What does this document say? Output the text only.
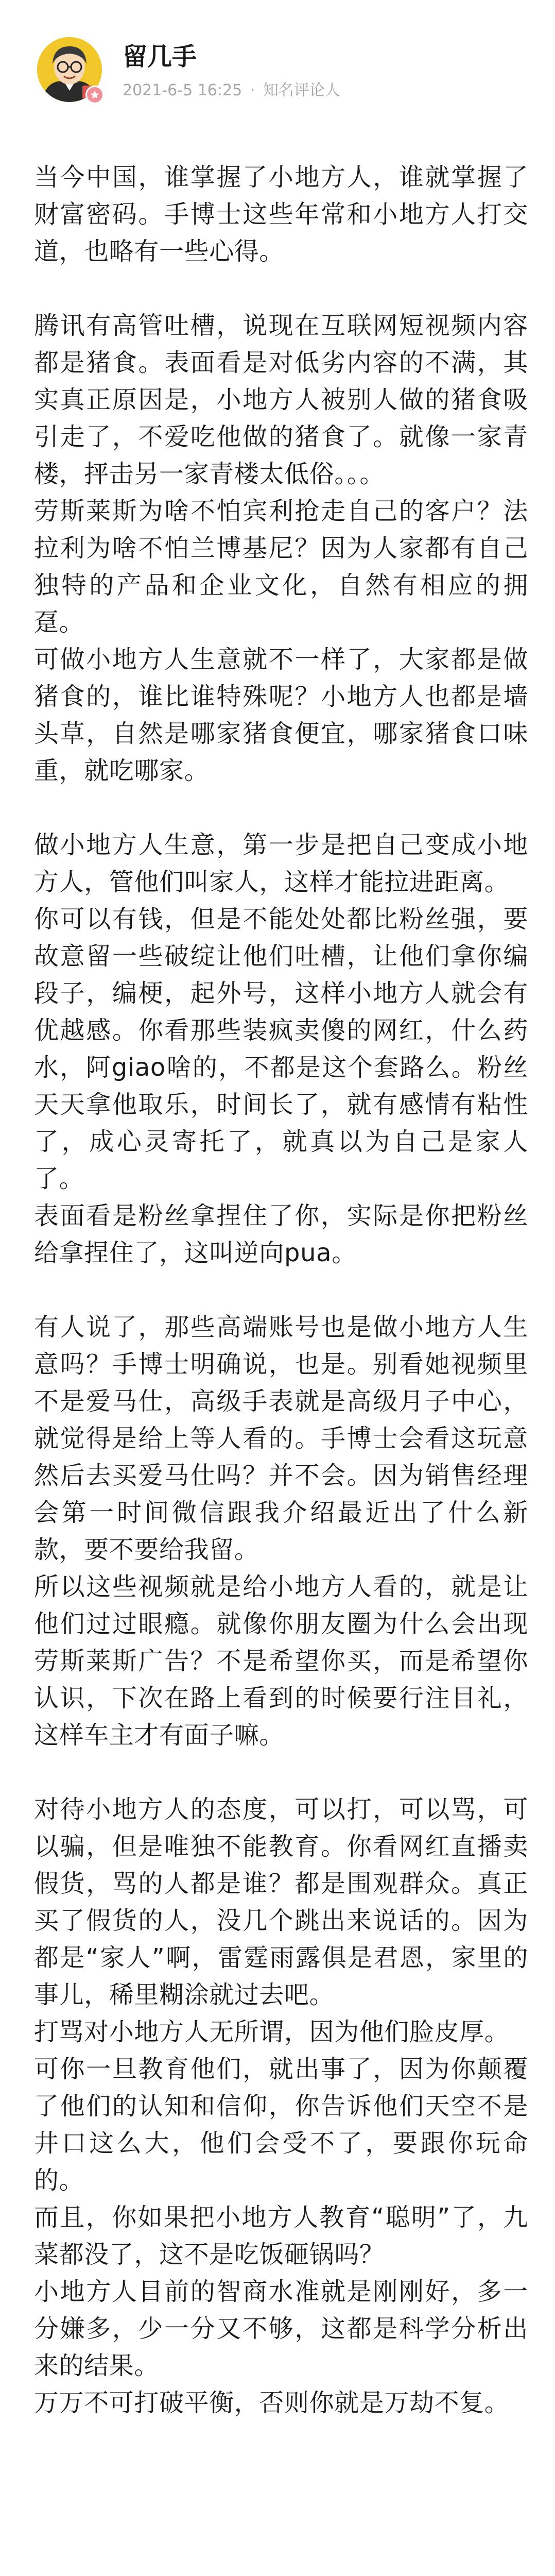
留几手
2021-6-5 16:25 · 知名评论人

当今中国，谁掌握了小地方人，谁就掌握了财富密码。手博士这些年常和小地方人打交道，也略有一些心得。

腾讯有高管吐槽，说现在互联网短视频内容都是猪食。表面看是对低劣内容的不满，其实真正原因是，小地方人被别人做的猪食吸引走了，不爱吃他做的猪食了。就像一家青楼，抨击另一家青楼太低俗。。。

劳斯莱斯为啥不怕宾利抢走自己的客户？法拉利为啥不怕兰博基尼？因为人家都有自己独特的产品和企业文化，自然有相应的拥趸。

可做小地方人生意就不一样了，大家都是做猪食的，谁比谁特殊呢？小地方人也都是墙头草，自然是哪家猪食便宜，哪家猪食口味重，就吃哪家。

做小地方人生意，第一步是把自己变成小地方人，管他们叫家人，这样才能拉进距离。

你可以有钱，但是不能处处都比粉丝强，要故意留一些破绽让他们吐槽，让他们拿你编段子，编梗，起外号，这样小地方人就会有优越感。你看那些装疯卖傻的网红，什么药水，阿giao啥的，不都是这个套路么。粉丝天天拿他取乐，时间长了，就有感情有粘性了，成心灵寄托了，就真以为自己是家人了。

表面看是粉丝拿捏住了你，实际是你把粉丝给拿捏住了，这叫逆向pua。

有人说了，那些高端账号也是做小地方人生意吗？手博士明确说，也是。别看她视频里不是爱马仕，高级手表就是高级月子中心，就觉得是给上等人看的。手博士会看这玩意然后去买爱马仕吗？并不会。因为销售经理会第一时间微信跟我介绍最近出了什么新款，要不要给我留。

所以这些视频就是给小地方人看的，就是让他们过过眼瘾。就像你朋友圈为什么会出现劳斯莱斯广告？不是希望你买，而是希望你认识，下次在路上看到的时候要行注目礼，这样车主才有面子嘛。

对待小地方人的态度，可以打，可以骂，可以骗，但是唯独不能教育。你看网红直播卖假货，骂的人都是谁？都是围观群众。真正买了假货的人，没几个跳出来说话的。因为都是“家人”啊，雷霆雨露俱是君恩，家里的事儿，稀里糊涂就过去吧。

打骂对小地方人无所谓，因为他们脸皮厚。

可你一旦教育他们，就出事了，因为你颠覆了他们的认知和信仰，你告诉他们天空不是井口这么大，他们会受不了，要跟你玩命的。

而且，你如果把小地方人教育“聪明”了，九菜都没了，这不是吃饭砸锅吗？

小地方人目前的智商水准就是刚刚好，多一分嫌多，少一分又不够，这都是科学分析出来的结果。

万万不可打破平衡，否则你就是万劫不复。
